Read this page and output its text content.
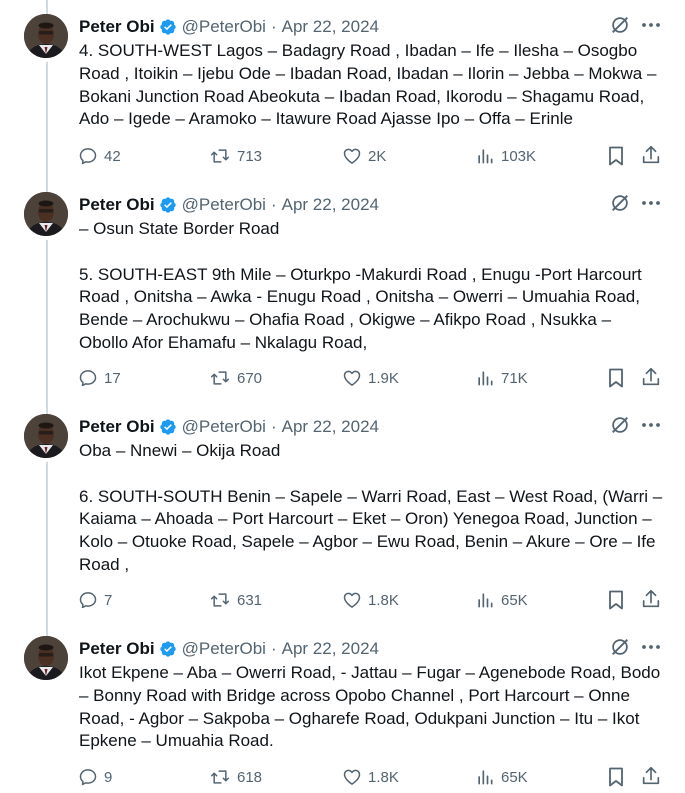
Peter Obi @PeterObi · Apr 22, 2024
4. SOUTH-WEST Lagos – Badagry Road , Ibadan – Ife – Ilesha – Osogbo
Road , Itoikin – Ijebu Ode – Ibadan Road, Ibadan – Ilorin – Jebba – Mokwa –
Bokani Junction Road Abeokuta – Ibadan Road, Ikorodu – Shagamu Road,
Ado – Igede – Aramoko – Itawure Road Ajasse Ipo – Offa – Erinle
42	713	2K	103K
Peter Obi @PeterObi · Apr 22, 2024
– Osun State Border Road

5. SOUTH-EAST 9th Mile – Oturkpo -Makurdi Road , Enugu -Port Harcourt
Road , Onitsha – Awka - Enugu Road , Onitsha – Owerri – Umuahia Road,
Bende – Arochukwu – Ohafia Road , Okigwe – Afikpo Road , Nsukka –
Obollo Afor Ehamafu – Nkalagu Road,
17	670	1.9K	71K
Peter Obi @PeterObi · Apr 22, 2024
Oba – Nnewi – Okija Road

6. SOUTH-SOUTH Benin – Sapele – Warri Road, East – West Road, (Warri –
Kaiama – Ahoada – Port Harcourt – Eket – Oron) Yenegoa Road, Junction –
Kolo – Otuoke Road, Sapele – Agbor – Ewu Road, Benin – Akure – Ore – Ife
Road ,
7	631	1.8K	65K
Peter Obi @PeterObi · Apr 22, 2024
Ikot Ekpene – Aba – Owerri Road, - Jattau – Fugar – Agenebode Road, Bodo
– Bonny Road with Bridge across Opobo Channel , Port Harcourt – Onne
Road, - Agbor – Sakpoba – Ogharefe Road, Odukpani Junction – Itu – Ikot
Epkene – Umuahia Road.
9	618	1.8K	65K
